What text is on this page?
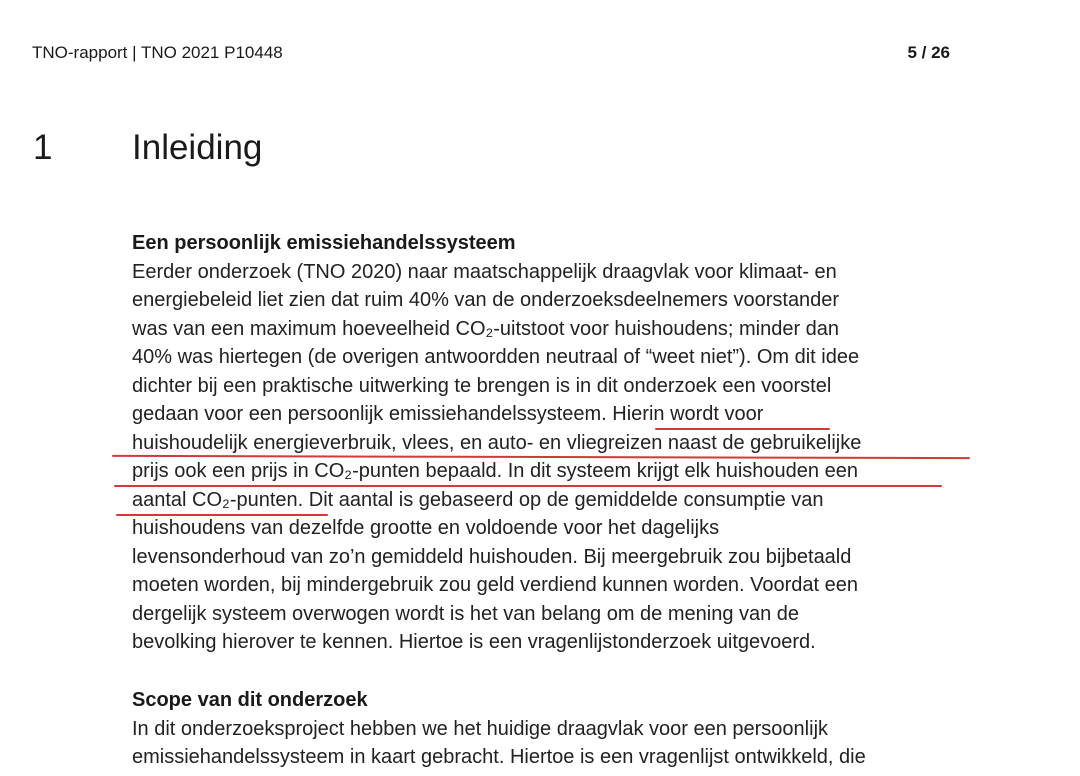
TNO-rapport | TNO 2021 P10448	5 / 26
1 Inleiding
Een persoonlijk emissiehandelssysteem
Eerder onderzoek (TNO 2020) naar maatschappelijk draagvlak voor klimaat- en
energiebeleid liet zien dat ruim 40% van de onderzoeksdeelnemers voorstander
was van een maximum hoeveelheid CO₂-uitstoot voor huishoudens; minder dan
40% was hiertegen (de overigen antwoordden neutraal of “weet niet”). Om dit idee
dichter bij een praktische uitwerking te brengen is in dit onderzoek een voorstel
gedaan voor een persoonlijk emissiehandelssysteem. Hierin wordt voor
huishoudelijk energieverbruik, vlees, en auto- en vliegreizen naast de gebruikelijke
prijs ook een prijs in CO₂-punten bepaald. In dit systeem krijgt elk huishouden een
aantal CO₂-punten. Dit aantal is gebaseerd op de gemiddelde consumptie van
huishoudens van dezelfde grootte en voldoende voor het dagelijks
levensonderhoud van zo’n gemiddeld huishouden. Bij meergebruik zou bijbetaald
moeten worden, bij mindergebruik zou geld verdiend kunnen worden. Voordat een
dergelijk systeem overwogen wordt is het van belang om de mening van de
bevolking hierover te kennen. Hiertoe is een vragenlijstonderzoek uitgevoerd.
Scope van dit onderzoek
In dit onderzoeksproject hebben we het huidige draagvlak voor een persoonlijk
emissiehandelssysteem in kaart gebracht. Hiertoe is een vragenlijst ontwikkeld, die
